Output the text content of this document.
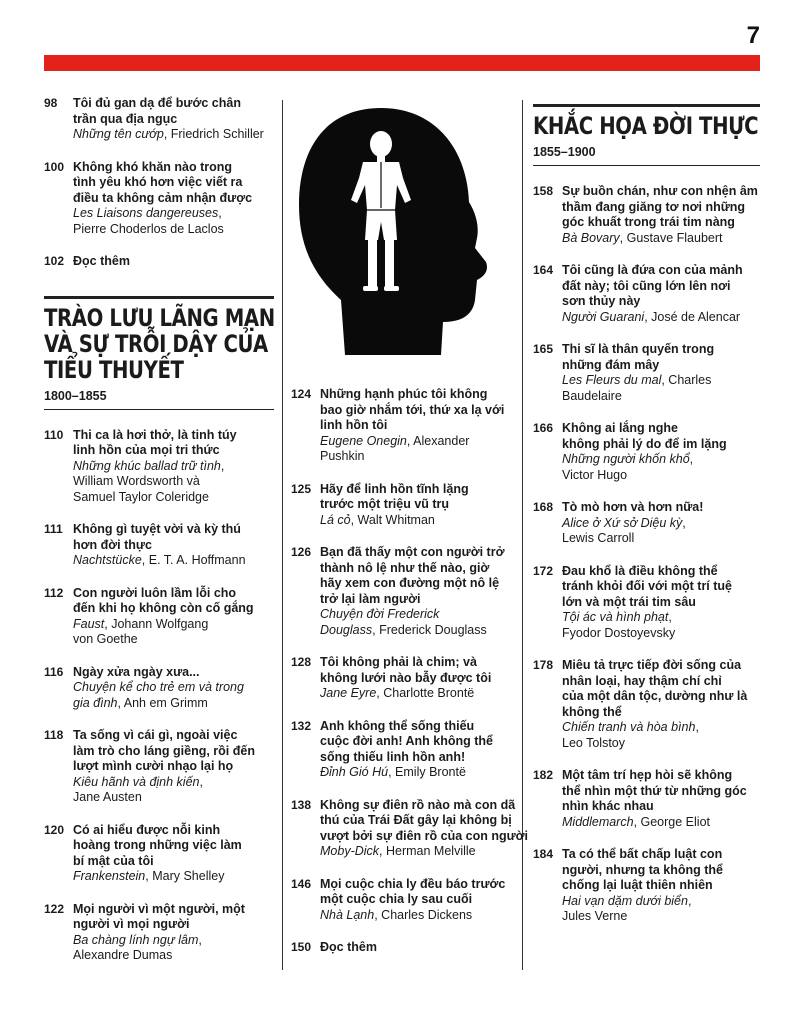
7
98	Tôi đủ gan dạ để bước chân
trần qua địa ngục
Những tên cướp, Friedrich Schiller
100 Không khó khăn nào trong
tình yêu khó hơn việc viết ra
điều ta không cảm nhận được
Les Liaisons dangereuses,
Pierre Choderlos de Laclos
102 Đọc thêm
TRÀO LƯU LÃNG MẠN
VÀ SỰ TRỖI DẬY CỦA
TIỂU THUYẾT
1800–1855
110 Thi ca là hơi thở, là tinh túy
linh hồn của mọi tri thức
Những khúc ballad trữ tình,
William Wordsworth và
Samuel Taylor Coleridge
111 Không gì tuyệt vời và kỳ thú
hơn đời thực
Nachtstücke, E. T. A. Hoffmann
112 Con người luôn lầm lỗi cho
đến khi họ không còn cố gắng
Faust, Johann Wolfgang
von Goethe
116 Ngày xửa ngày xưa...
Chuyện kể cho trẻ em và trong
gia đình, Anh em Grimm
118 Ta sống vì cái gì, ngoài việc
làm trò cho láng giềng, rồi đến
lượt mình cười nhạo lại họ
Kiêu hãnh và định kiến,
Jane Austen
120 Có ai hiểu được nỗi kinh
hoàng trong những việc làm
bí mật của tôi
Frankenstein, Mary Shelley
122 Mọi người vì một người, một
người vì mọi người
Ba chàng lính ngự lâm,
Alexandre Dumas
124 Những hạnh phúc tôi không
bao giờ nhắm tới, thứ xa lạ với
linh hồn tôi
Eugene Onegin, Alexander
Pushkin
125 Hãy để linh hồn tĩnh lặng
trước một triệu vũ trụ
Lá cỏ, Walt Whitman
126 Bạn đã thấy một con người trở
thành nô lệ như thế nào, giờ
hãy xem con đường một nô lệ
trở lại làm người
Chuyện đời Frederick
Douglass, Frederick Douglass
128 Tôi không phải là chim; và
không lưới nào bẫy được tôi
Jane Eyre, Charlotte Brontë
132 Anh không thể sống thiếu
cuộc đời anh! Anh không thể
sống thiếu linh hồn anh!
Đỉnh Gió Hú, Emily Brontë
138 Không sự điên rồ nào mà con dã
thú của Trái Đất gây lại không bị
vượt bởi sự điên rồ của con người
Moby-Dick, Herman Melville
146 Mọi cuộc chia ly đều báo trước
một cuộc chia ly sau cuối
Nhà Lạnh, Charles Dickens
150 Đọc thêm
KHẮC HỌA ĐỜI THỰC
1855–1900
158 Sự buồn chán, như con nhện âm
thầm đang giăng tơ nơi những
góc khuất trong trái tim nàng
Bà Bovary, Gustave Flaubert
164 Tôi cũng là đứa con của mảnh
đất này; tôi cũng lớn lên nơi
sơn thủy này
Người Guarani, José de Alencar
165 Thi sĩ là thân quyến trong
những đám mây
Les Fleurs du mal, Charles
Baudelaire
166 Không ai lắng nghe
không phải lý do để im lặng
Những người khốn khổ,
Victor Hugo
168 Tò mò hơn và hơn nữa!
Alice ở Xứ sở Diệu kỳ,
Lewis Carroll
172 Đau khổ là điều không thể
tránh khỏi đối với một trí tuệ
lớn và một trái tim sâu
Tội ác và hình phạt,
Fyodor Dostoyevsky
178 Miêu tả trực tiếp đời sống của
nhân loại, hay thậm chí chỉ
của một dân tộc, dường như là
không thể
Chiến tranh và hòa bình,
Leo Tolstoy
182 Một tâm trí hẹp hòi sẽ không
thể nhìn một thứ từ những góc
nhìn khác nhau
Middlemarch, George Eliot
184 Ta có thể bất chấp luật con
người, nhưng ta không thể
chống lại luật thiên nhiên
Hai vạn dặm dưới biển,
Jules Verne
